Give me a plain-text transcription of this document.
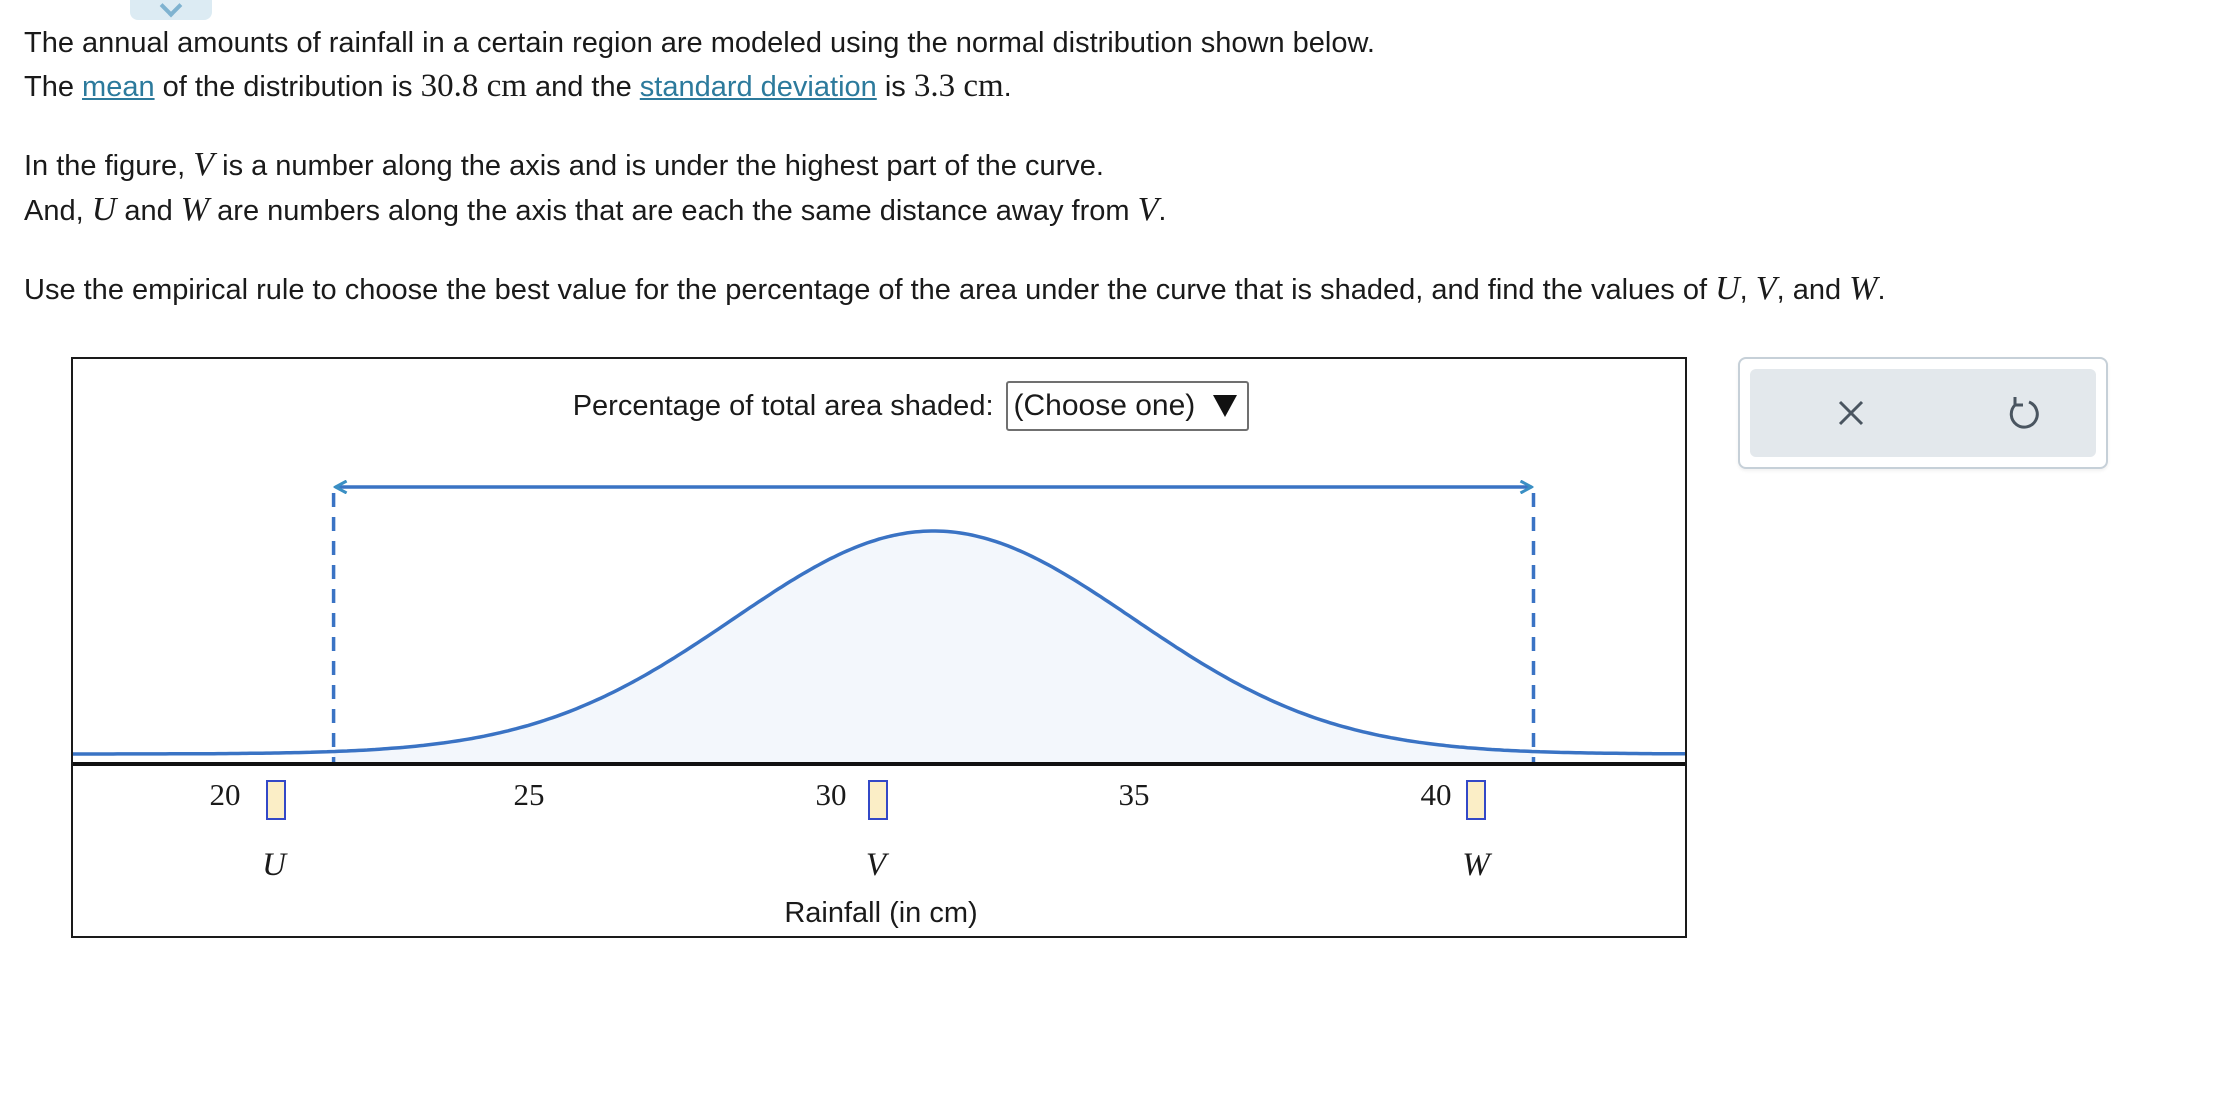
The annual amounts of rainfall in a certain region are modeled using the normal distribution shown below.

The mean of the distribution is 30.8 cm and the standard deviation is 3.3 cm.

In the figure, V is a number along the axis and is under the highest part of the curve.

And, U and W are numbers along the axis that are each the same distance away from V.

Use the empirical rule to choose the best value for the percentage of the area under the curve that is shaded, and find the values of U, V, and W.

Percentage of total area shaded: (Choose one)
20	25	30	35	40
U	V	W
Rainfall (in cm)
